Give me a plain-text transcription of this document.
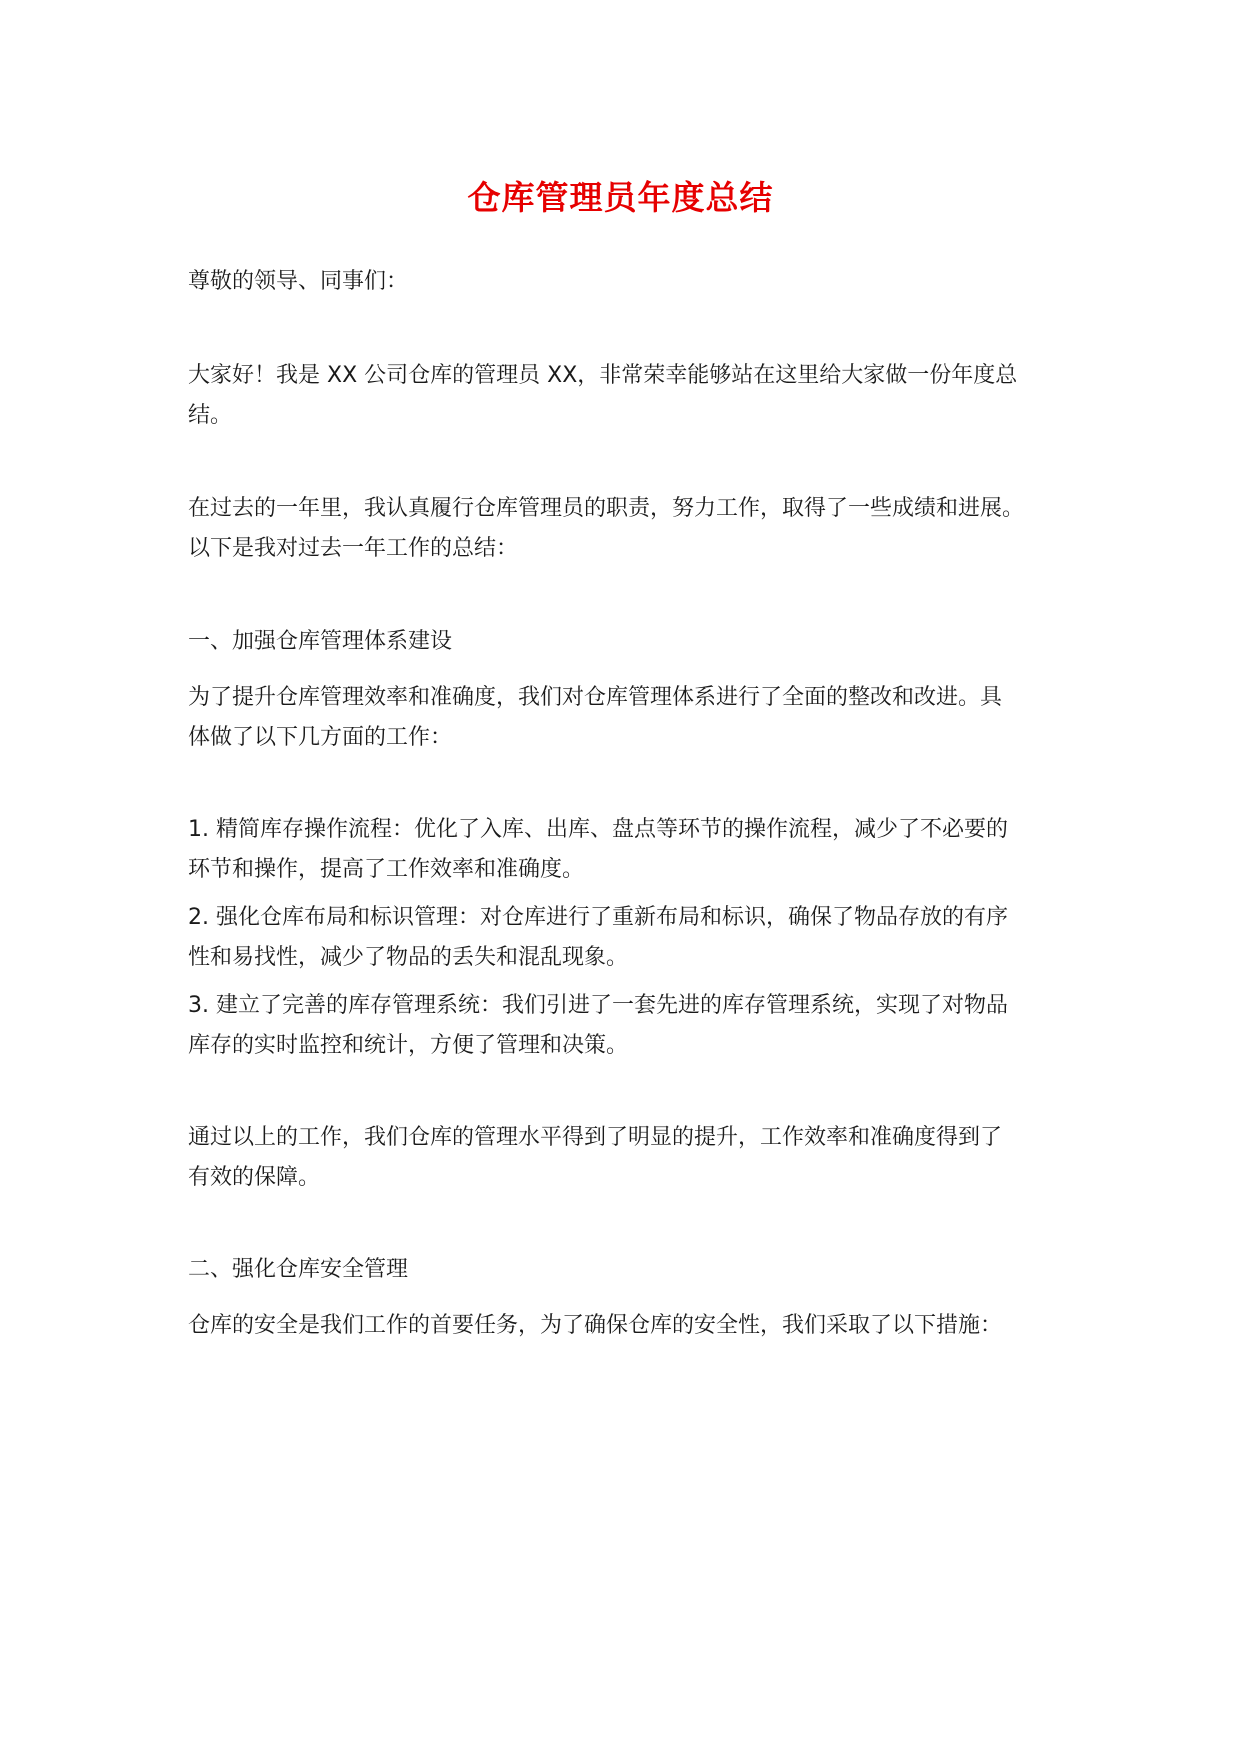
仓库管理员年度总结

尊敬的领导、同事们：

大家好！我是 XX 公司仓库的管理员 XX，非常荣幸能够站在这里给大家做一份年度总
结。

在过去的一年里，我认真履行仓库管理员的职责，努力工作，取得了一些成绩和进展。
以下是我对过去一年工作的总结：

一、加强仓库管理体系建设

为了提升仓库管理效率和准确度，我们对仓库管理体系进行了全面的整改和改进。具
体做了以下几方面的工作：

1. 精简库存操作流程：优化了入库、出库、盘点等环节的操作流程，减少了不必要的
环节和操作，提高了工作效率和准确度。

2. 强化仓库布局和标识管理：对仓库进行了重新布局和标识，确保了物品存放的有序
性和易找性，减少了物品的丢失和混乱现象。

3. 建立了完善的库存管理系统：我们引进了一套先进的库存管理系统，实现了对物品
库存的实时监控和统计，方便了管理和决策。

通过以上的工作，我们仓库的管理水平得到了明显的提升，工作效率和准确度得到了
有效的保障。

二、强化仓库安全管理

仓库的安全是我们工作的首要任务，为了确保仓库的安全性，我们采取了以下措施：
